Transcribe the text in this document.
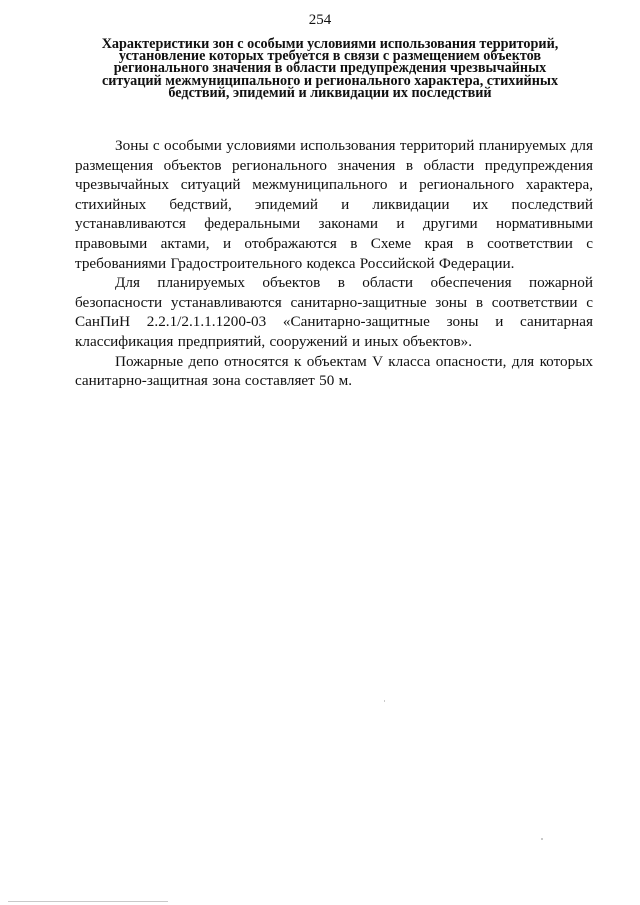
254
Характеристики зон с особыми условиями использования территорий,
установление которых требуется в связи с размещением объектов
регионального значения в области предупреждения чрезвычайных
ситуаций межмуниципального и регионального характера, стихийных
бедствий, эпидемий и ликвидации их последствий

Зоны с особыми условиями использования территорий планируемых для размещения объектов регионального значения в области предупреждения чрезвычайных ситуаций межмуниципального и регионального характера, стихийных бедствий, эпидемий и ликвидации их последствий устанавливаются федеральными законами и другими нормативными правовыми актами, и отображаются в Схеме края в соответствии с требованиями Градостроительного кодекса Российской Федерации.

Для планируемых объектов в области обеспечения пожарной безопасности устанавливаются санитарно-защитные зоны в соответствии с СанПиН 2.2.1/2.1.1.1200-03 «Санитарно-защитные зоны и санитарная классификация предприятий, сооружений и иных объектов».

Пожарные депо относятся к объектам V класса опасности, для которых санитарно-защитная зона составляет 50 м.
